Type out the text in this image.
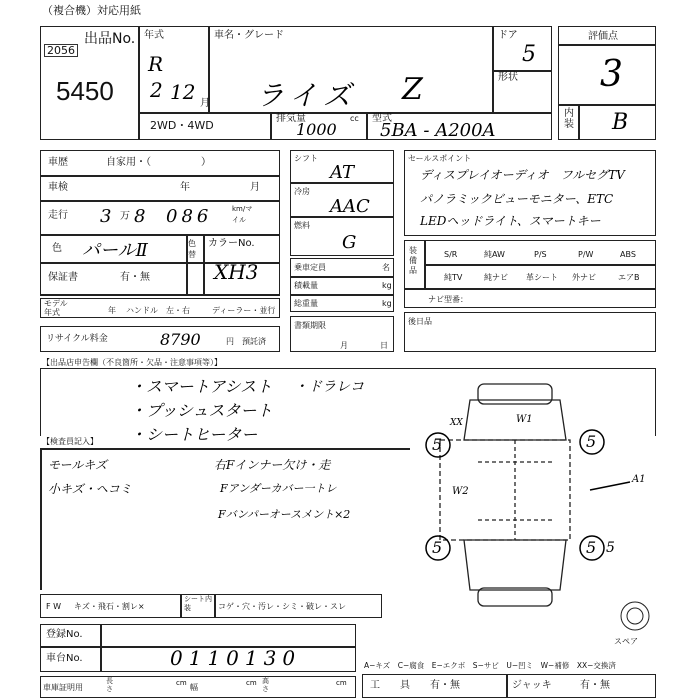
（複合機）対応用紙
出品No.
2056
5450
年式
R
2 12 月
車名・グレード
ライズ Z
ドア
5
形状
2WD・4WD
排気量	cc
1000
型式
5BA - A200A
評価点
3
内装 B
車歴	自家用・（　　　　　）
車検	年	月
走行 3 万 8 086	km/マイル
色 パールⅡ	色替
保証書	有・無
カラーNo.
XH3
モデル年式	年 ハンドル　左・右	ディーラー・並行
リサイクル料金	8790	円　預託済
シフト
AT
冷房
AAC
燃料
G
乗車定員	名
積載量	kg
総重量	kg
書類期限
月	日
セールスポイント
ディスプレイオーディオ　フルセグTV
パノラミックビューモニター、ETC
LEDヘッドライト、スマートキー
装備品
S/R	純AW	P/S	P/W	ABS
純TV	純ナビ 革シート 外ナビ	エアB
ナビ型番：
後日品
【出品店申告欄（不良箇所・欠品・注意事項等）】
・スマートアシスト ・ドラレコ
・プッシュスタート
・シートヒーター
【検査員記入】
モールキズ
小キズ・ヘコミ
右Fインナー欠け・走
Fアンダーカバー一トレ
Fバンパーオースメント×2
5	5
5	5 5
XX	W1
W2
A1
スペア
F W キズ・飛石・割レ×
シート内装	コゲ・穴・汚レ・シミ・破レ・スレ
登録No.
車台No.	0110130
車庫証明用
長さ
cm 幅	cm 高さ
cm
A−キズ　C−腐食　E−エクボ　S−サビ　U−凹ミ　W−補修　XX−交換済
工　　具 有・無	ジャッキ	有・無
